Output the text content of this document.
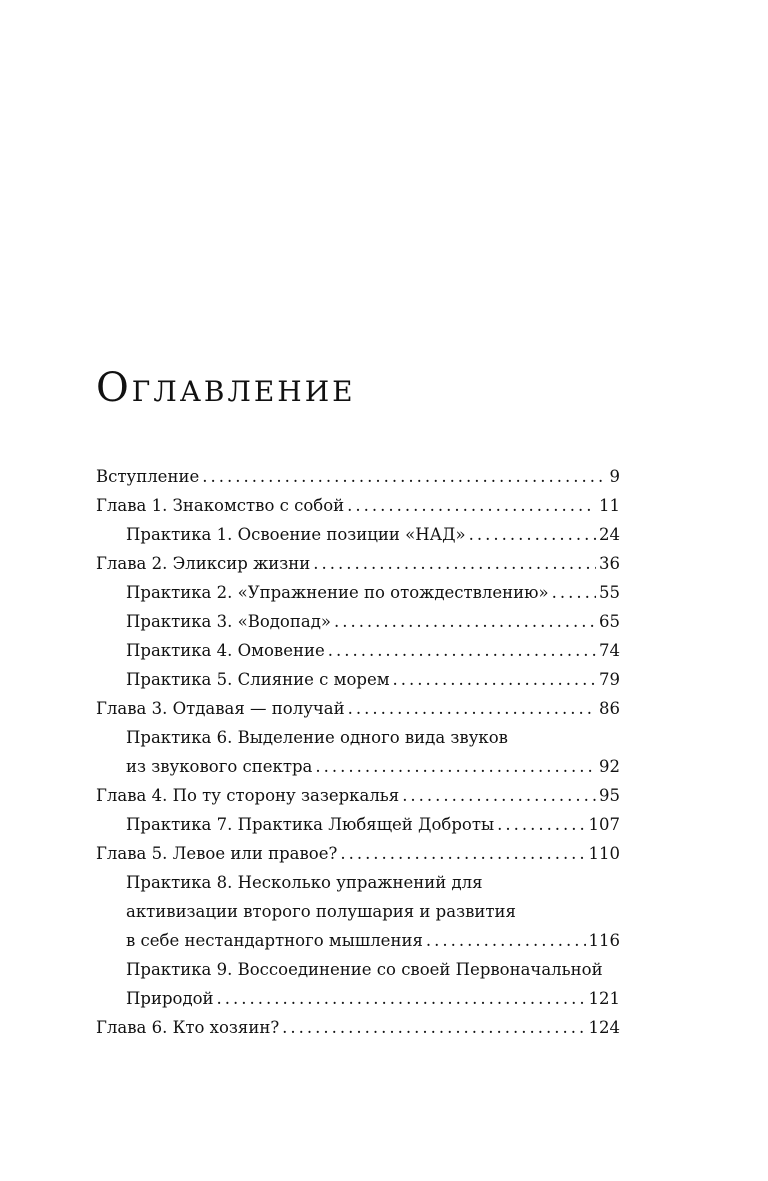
Оглавление
Вступление .....	9
Глава 1. Знакомство с собой .....	11
Практика 1. Освоение позиции «НАД» .....	24
Глава 2. Эликсир жизни .....	36
Практика 2. «Упражнение по отождествлению» .....	55
Практика 3. «Водопад» .....	65
Практика 4. Омовение .....	74
Практика 5. Слияние с морем .....	79
Глава 3. Отдавая — получай .....	86
Практика 6. Выделение одного вида звуков
из звукового спектра .....	92
Глава 4. По ту сторону зазеркалья .....	95
Практика 7. Практика Любящей Доброты .....	107
Глава 5. Левое или правое? .....	110
Практика 8. Несколько упражнений для
активизации второго полушария и развития
в себе нестандартного мышления .....	116
Практика 9. Воссоединение со своей Первоначальной
Природой .....	121
Глава 6. Кто хозяин? .....	124
